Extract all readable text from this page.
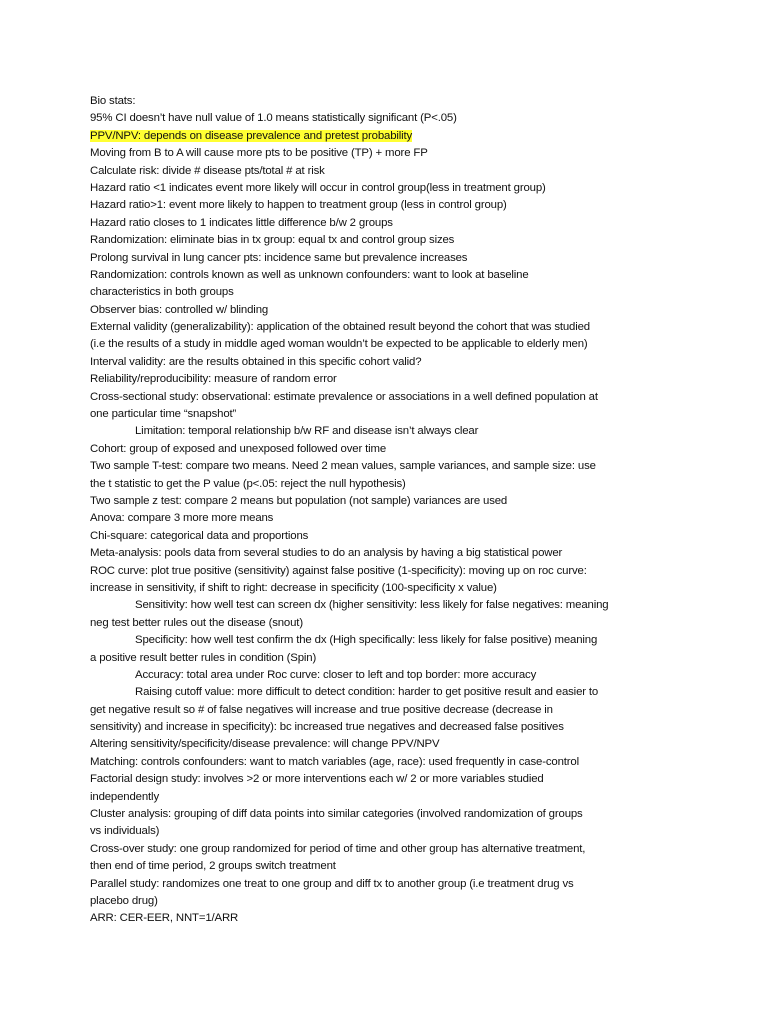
Bio stats:
95% CI doesn’t have null value of 1.0 means statistically significant (P<.05)
PPV/NPV: depends on disease prevalence and pretest probability
Moving from B to A will cause more pts to be positive (TP) + more FP
Calculate risk: divide # disease pts/total # at risk
Hazard ratio <1 indicates event more likely will occur in control group(less in treatment group)
Hazard ratio>1: event more likely to happen to treatment group (less in control group)
Hazard ratio closes to 1 indicates little difference b/w 2 groups
Randomization: eliminate bias in tx group: equal tx and control group sizes
Prolong survival in lung cancer pts: incidence same but prevalence increases
Randomization: controls known as well as unknown confounders: want to look at baseline
characteristics in both groups
Observer bias: controlled w/ blinding
External validity (generalizability): application of the obtained result beyond the cohort that was studied
(i.e the results of a study in middle aged woman wouldn’t be expected to be applicable to elderly men)
Interval validity: are the results obtained in this specific cohort valid?
Reliability/reproducibility: measure of random error
Cross-sectional study: observational: estimate prevalence or associations in a well defined population at
one particular time “snapshot”
Limitation: temporal relationship b/w RF and disease isn’t always clear
Cohort: group of exposed and unexposed followed over time
Two sample T-test: compare two means. Need 2 mean values, sample variances, and sample size: use
the t statistic to get the P value (p<.05: reject the null hypothesis)
Two sample z test: compare 2 means but population (not sample) variances are used
Anova: compare 3 more more means
Chi-square: categorical data and proportions
Meta-analysis: pools data from several studies to do an analysis by having a big statistical power
ROC curve: plot true positive (sensitivity) against false positive (1-specificity): moving up on roc curve:
increase in sensitivity, if shift to right: decrease in specificity (100-specificity x value)
Sensitivity: how well test can screen dx (higher sensitivity: less likely for false negatives: meaning
neg test better rules out the disease (snout)
Specificity: how well test confirm the dx (High specifically: less likely for false positive) meaning
a positive result better rules in condition (Spin)
Accuracy: total area under Roc curve: closer to left and top border: more accuracy
Raising cutoff value: more difficult to detect condition: harder to get positive result and easier to
get negative result so # of false negatives will increase and true positive decrease (decrease in
sensitivity) and increase in specificity): bc increased true negatives and decreased false positives
Altering sensitivity/specificity/disease prevalence: will change PPV/NPV
Matching: controls confounders: want to match variables (age, race): used frequently in case-control
Factorial design study: involves >2 or more interventions each w/ 2 or more variables studied
independently
Cluster analysis: grouping of diff data points into similar categories (involved randomization of groups
vs individuals)
Cross-over study: one group randomized for period of time and other group has alternative treatment,
then end of time period, 2 groups switch treatment
Parallel study: randomizes one treat to one group and diff tx to another group (i.e treatment drug vs
placebo drug)
ARR: CER-EER, NNT=1/ARR
